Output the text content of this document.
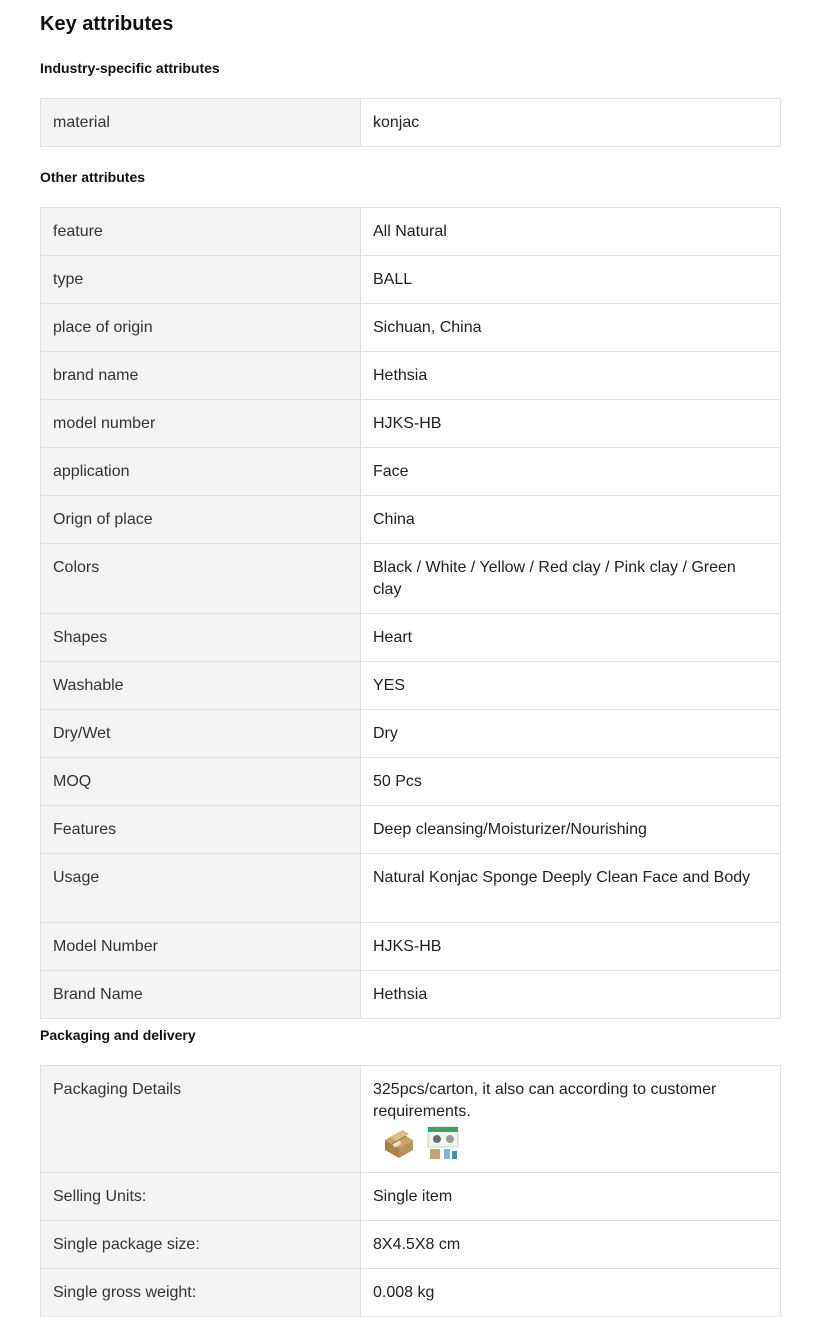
Key attributes
Industry-specific attributes
material	konjac
Other attributes
feature	All Natural
type	BALL
place of origin	Sichuan, China
brand name	Hethsia
model number	HJKS-HB
application	Face
Orign of place	China
Colors	Black / White / Yellow / Red clay / Pink clay / Green clay
Shapes	Heart
Washable	YES
Dry/Wet	Dry
MOQ	50 Pcs
Features	Deep cleansing/Moisturizer/Nourishing
Usage	Natural Konjac Sponge Deeply Clean Face and Body
Model Number	HJKS-HB
Brand Name	Hethsia
Packaging and delivery
Packaging Details	325pcs/carton, it also can according to customer requirements.

Selling Units:	Single item
Single package size:	8X4.5X8 cm
Single gross weight:	0.008 kg
